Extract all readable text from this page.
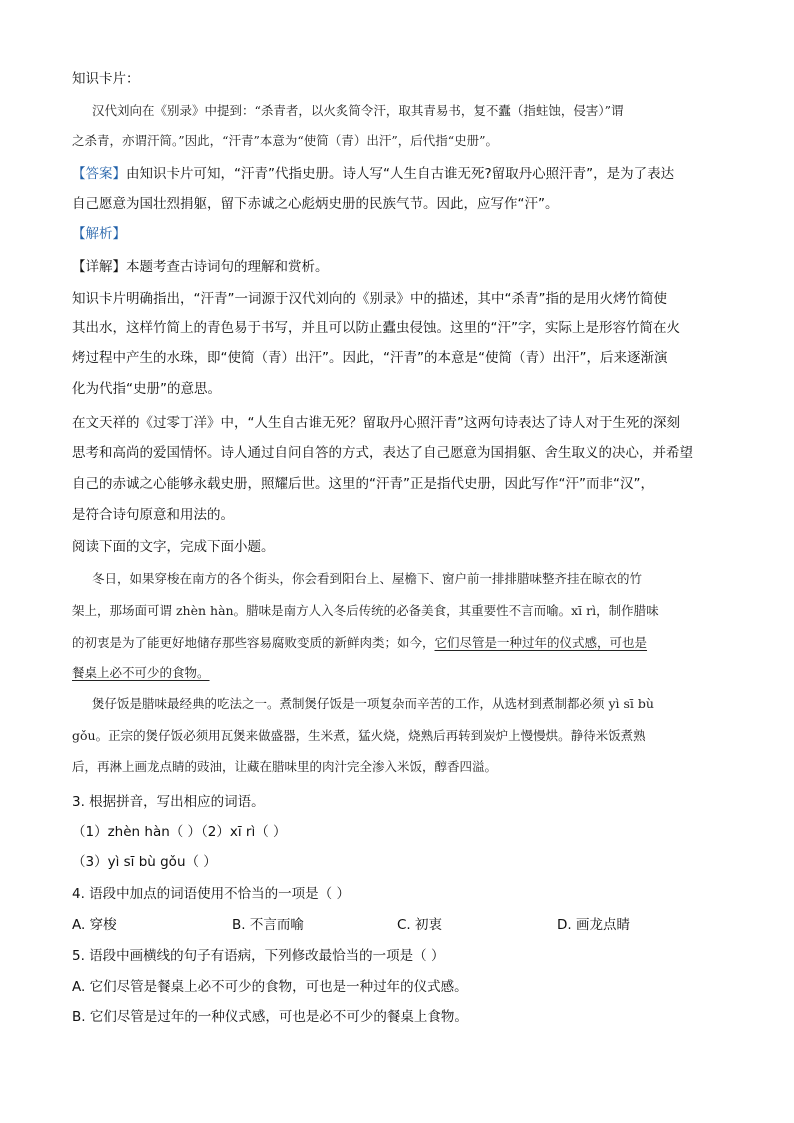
知识卡片：
汉代刘向在《别录》中提到：“杀青者，以火炙简令汗，取其青易书，复不蠹（指蛀蚀，侵害）”谓
之杀青，亦谓汗简。”因此，“汗青”本意为“使简（青）出汗”，后代指“史册”。
【答案】由知识卡片可知，“汗青”代指史册。诗人写“人生自古谁无死?留取丹心照汗青”，是为了表达
自己愿意为国壮烈捐躯，留下赤诚之心彪炳史册的民族气节。因此，应写作“汗”。
【解析】
【详解】本题考查古诗词句的理解和赏析。
知识卡片明确指出，“汗青”一词源于汉代刘向的《别录》中的描述，其中“杀青”指的是用火烤竹简使
其出水，这样竹简上的青色易于书写，并且可以防止蠹虫侵蚀。这里的“汗”字，实际上是形容竹简在火
烤过程中产生的水珠，即“使简（青）出汗”。因此，“汗青”的本意是“使简（青）出汗”，后来逐渐演
化为代指“史册”的意思。
在文天祥的《过零丁洋》中，“人生自古谁无死？留取丹心照汗青”这两句诗表达了诗人对于生死的深刻
思考和高尚的爱国情怀。诗人通过自问自答的方式，表达了自己愿意为国捐躯、舍生取义的决心，并希望
自己的赤诚之心能够永载史册，照耀后世。这里的“汗青”正是指代史册，因此写作“汗”而非“汉”，
是符合诗句原意和用法的。
阅读下面的文字，完成下面小题。
冬日，如果穿梭在南方的各个街头，你会看到阳台上、屋檐下、窗户前一排排腊味整齐挂在晾衣的竹
架上，那场面可谓 zhèn hàn。腊味是南方人入冬后传统的必备美食，其重要性不言而喻。xī rì，制作腊味
的初衷是为了能更好地储存那些容易腐败变质的新鲜肉类；如今，它们尽管是一种过年的仪式感，可也是
餐桌上必不可少的食物。
煲仔饭是腊味最经典的吃法之一。煮制煲仔饭是一项复杂而辛苦的工作，从选材到煮制都必须 yì sī bù
gǒu。正宗的煲仔饭必须用瓦煲来做盛器，生米煮，猛火烧，烧熟后再转到炭炉上慢慢烘。静待米饭煮熟
后，再淋上画龙点睛的豉油，让藏在腊味里的肉汁完全渗入米饭，醇香四溢。
3. 根据拼音，写出相应的词语。
（1）zhèn hàn（ ）（2）xī rì（ ）
（3）yì sī bù gǒu（ ）
4. 语段中加点的词语使用不恰当的一项是（ ）
A. 穿梭	B. 不言而喻	C. 初衷	D. 画龙点睛
5. 语段中画横线的句子有语病，下列修改最恰当的一项是（ ）
A. 它们尽管是餐桌上必不可少的食物，可也是一种过年的仪式感。
B. 它们尽管是过年的一种仪式感，可也是必不可少的餐桌上食物。
